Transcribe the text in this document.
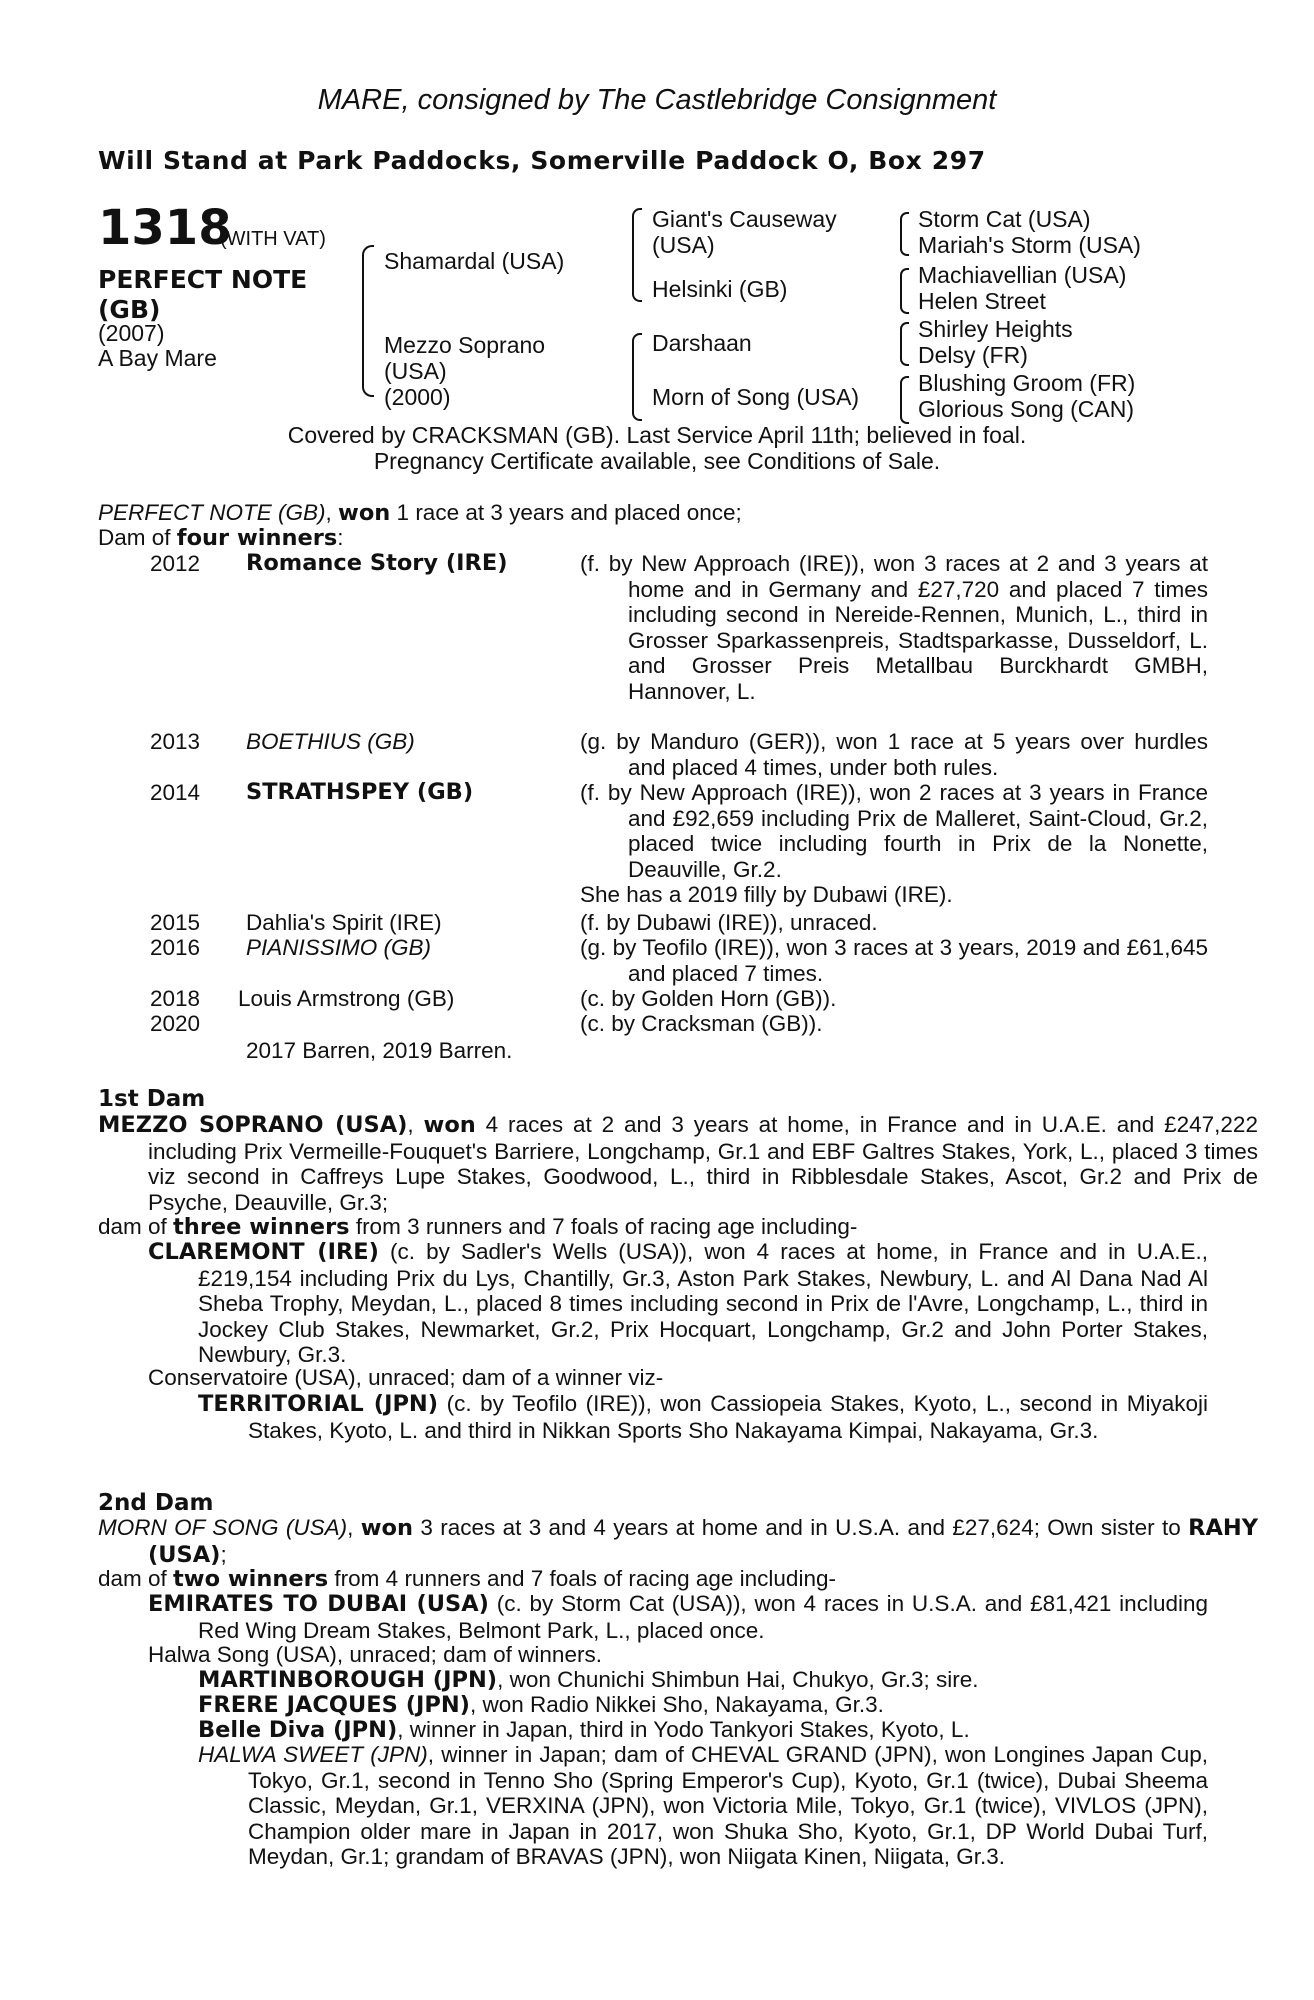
MARE, consigned by The Castlebridge Consignment
Will Stand at Park Paddocks, Somerville Paddock O, Box 297
1318
(WITH VAT)
PERFECT NOTE (GB)
(2007)
A Bay Mare
Shamardal (USA)
Mezzo Soprano
(USA)
(2000)
Giant's Causeway
(USA)
Helsinki (GB)
Darshaan
Morn of Song (USA)
Storm Cat (USA)
Mariah's Storm (USA)
Machiavellian (USA)
Helen Street
Shirley Heights
Delsy (FR)
Blushing Groom (FR)
Glorious Song (CAN)
Covered by CRACKSMAN (GB). Last Service April 11th; believed in foal.
Pregnancy Certificate available, see Conditions of Sale.
PERFECT NOTE (GB), won 1 race at 3 years and placed once;
Dam of four winners:
2012 Romance Story (IRE)	(f. by New Approach (IRE)), won 3 races at 2 and 3 years at home and in Germany and £27,720 and placed 7 times including second in Nereide-Rennen, Munich, L., third in Grosser Sparkassenpreis, Stadtsparkasse, Dusseldorf, L. and Grosser Preis Metallbau Burckhardt GMBH, Hannover, L.
2013 BOETHIUS (GB)	(g. by Manduro (GER)), won 1 race at 5 years over hurdles and placed 4 times, under both rules.
2014 STRATHSPEY (GB)	(f. by New Approach (IRE)), won 2 races at 3 years in France and £92,659 including Prix de Malleret, Saint-Cloud, Gr.2, placed twice including fourth in Prix de la Nonette, Deauville, Gr.2.
She has a 2019 filly by Dubawi (IRE).
2015 Dahlia's Spirit (IRE)	(f. by Dubawi (IRE)), unraced.
2016 PIANISSIMO (GB)	(g. by Teofilo (IRE)), won 3 races at 3 years, 2019 and £61,645 and placed 7 times.
2018 Louis Armstrong (GB)	(c. by Golden Horn (GB)).
2020	(c. by Cracksman (GB)).
2017 Barren, 2019 Barren.
1st Dam
MEZZO SOPRANO (USA), won 4 races at 2 and 3 years at home, in France and in U.A.E. and £247,222 including Prix Vermeille-Fouquet's Barriere, Longchamp, Gr.1 and EBF Galtres Stakes, York, L., placed 3 times viz second in Caffreys Lupe Stakes, Goodwood, L., third in Ribblesdale Stakes, Ascot, Gr.2 and Prix de Psyche, Deauville, Gr.3;
dam of three winners from 3 runners and 7 foals of racing age including-
CLAREMONT (IRE) (c. by Sadler's Wells (USA)), won 4 races at home, in France and in U.A.E., £219,154 including Prix du Lys, Chantilly, Gr.3, Aston Park Stakes, Newbury, L. and Al Dana Nad Al Sheba Trophy, Meydan, L., placed 8 times including second in Prix de l'Avre, Longchamp, L., third in Jockey Club Stakes, Newmarket, Gr.2, Prix Hocquart, Longchamp, Gr.2 and John Porter Stakes, Newbury, Gr.3.
Conservatoire (USA), unraced; dam of a winner viz-
TERRITORIAL (JPN) (c. by Teofilo (IRE)), won Cassiopeia Stakes, Kyoto, L., second in Miyakoji Stakes, Kyoto, L. and third in Nikkan Sports Sho Nakayama Kimpai, Nakayama, Gr.3.
2nd Dam
MORN OF SONG (USA), won 3 races at 3 and 4 years at home and in U.S.A. and £27,624; Own sister to RAHY (USA);
dam of two winners from 4 runners and 7 foals of racing age including-
EMIRATES TO DUBAI (USA) (c. by Storm Cat (USA)), won 4 races in U.S.A. and £81,421 including Red Wing Dream Stakes, Belmont Park, L., placed once.
Halwa Song (USA), unraced; dam of winners.
MARTINBOROUGH (JPN), won Chunichi Shimbun Hai, Chukyo, Gr.3; sire.
FRERE JACQUES (JPN), won Radio Nikkei Sho, Nakayama, Gr.3.
Belle Diva (JPN), winner in Japan, third in Yodo Tankyori Stakes, Kyoto, L.
HALWA SWEET (JPN), winner in Japan; dam of CHEVAL GRAND (JPN), won Longines Japan Cup, Tokyo, Gr.1, second in Tenno Sho (Spring Emperor's Cup), Kyoto, Gr.1 (twice), Dubai Sheema Classic, Meydan, Gr.1, VERXINA (JPN), won Victoria Mile, Tokyo, Gr.1 (twice), VIVLOS (JPN), Champion older mare in Japan in 2017, won Shuka Sho, Kyoto, Gr.1, DP World Dubai Turf, Meydan, Gr.1; grandam of BRAVAS (JPN), won Niigata Kinen, Niigata, Gr.3.
